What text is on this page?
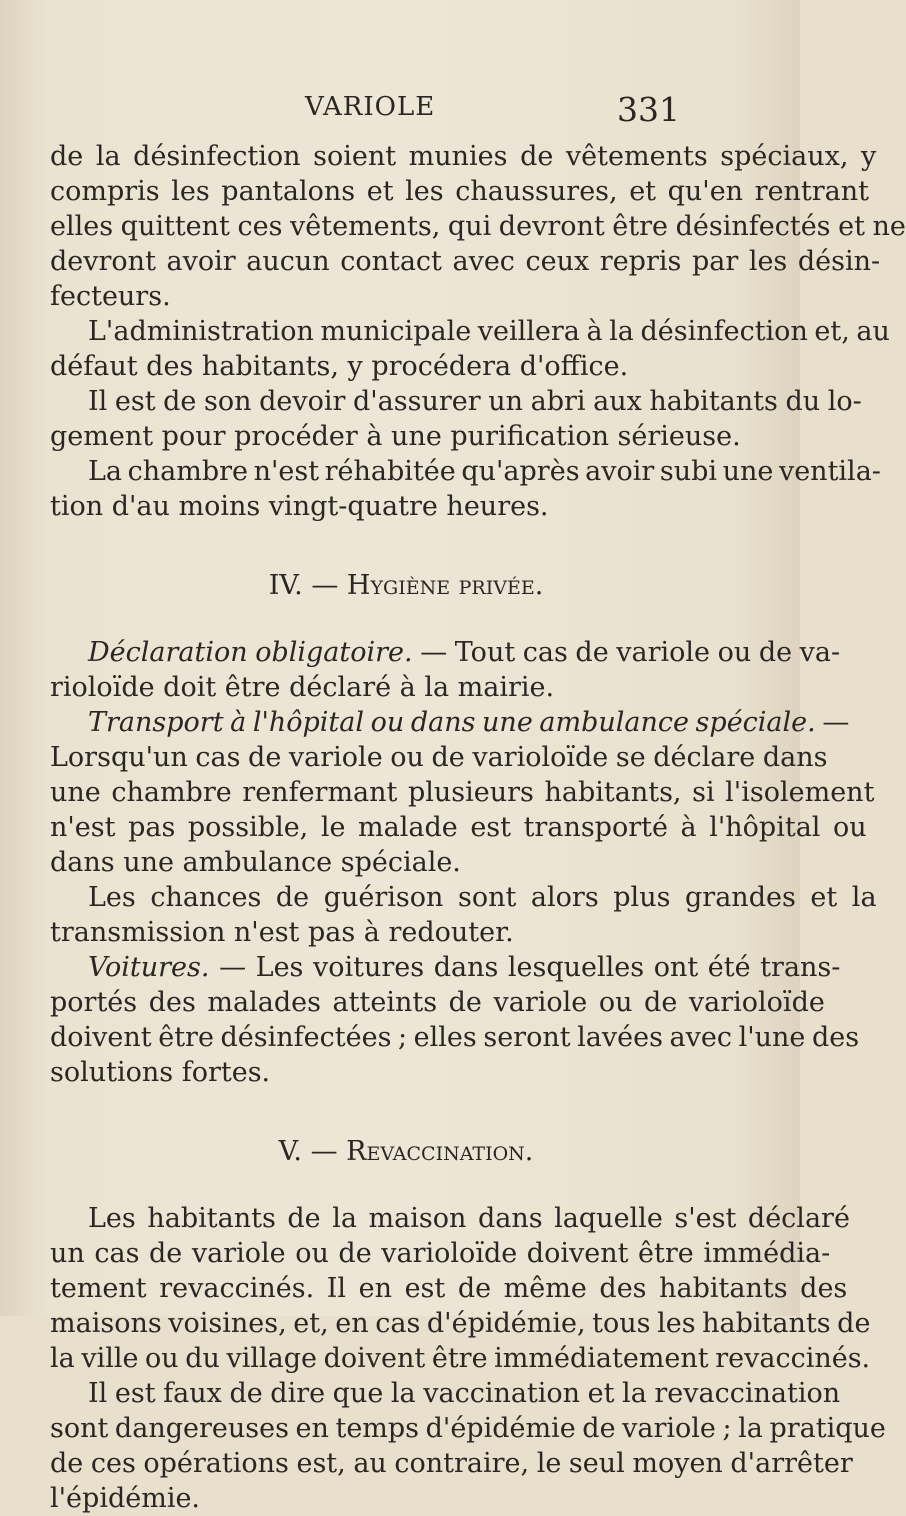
VARIOLE	331
de la désinfection soient munies de vêtements spéciaux, y
compris les pantalons et les chaussures, et qu'en rentrant
elles quittent ces vêtements, qui devront être désinfectés et ne
devront avoir aucun contact avec ceux repris par les désin-
fecteurs.
L'administration municipale veillera à la désinfection et, au
défaut des habitants, y procédera d'office.
Il est de son devoir d'assurer un abri aux habitants du lo-
gement pour procéder à une purification sérieuse.
La chambre n'est réhabitée qu'après avoir subi une ventila-
tion d'au moins vingt-quatre heures.
IV. — Hygiène privée.
Déclaration obligatoire. — Tout cas de variole ou de va-
rioloïde doit être déclaré à la mairie.
Transport à l'hôpital ou dans une ambulance spéciale. —
Lorsqu'un cas de variole ou de varioloïde se déclare dans
une chambre renfermant plusieurs habitants, si l'isolement
n'est pas possible, le malade est transporté à l'hôpital ou
dans une ambulance spéciale.
Les chances de guérison sont alors plus grandes et la
transmission n'est pas à redouter.
Voitures. — Les voitures dans lesquelles ont été trans-
portés des malades atteints de variole ou de varioloïde
doivent être désinfectées ; elles seront lavées avec l'une des
solutions fortes.
V. — Revaccination.
Les habitants de la maison dans laquelle s'est déclaré
un cas de variole ou de varioloïde doivent être immédia-
tement revaccinés. Il en est de même des habitants des
maisons voisines, et, en cas d'épidémie, tous les habitants de
la ville ou du village doivent être immédiatement revaccinés.
Il est faux de dire que la vaccination et la revaccination
sont dangereuses en temps d'épidémie de variole ; la pratique
de ces opérations est, au contraire, le seul moyen d'arrêter
l'épidémie.
